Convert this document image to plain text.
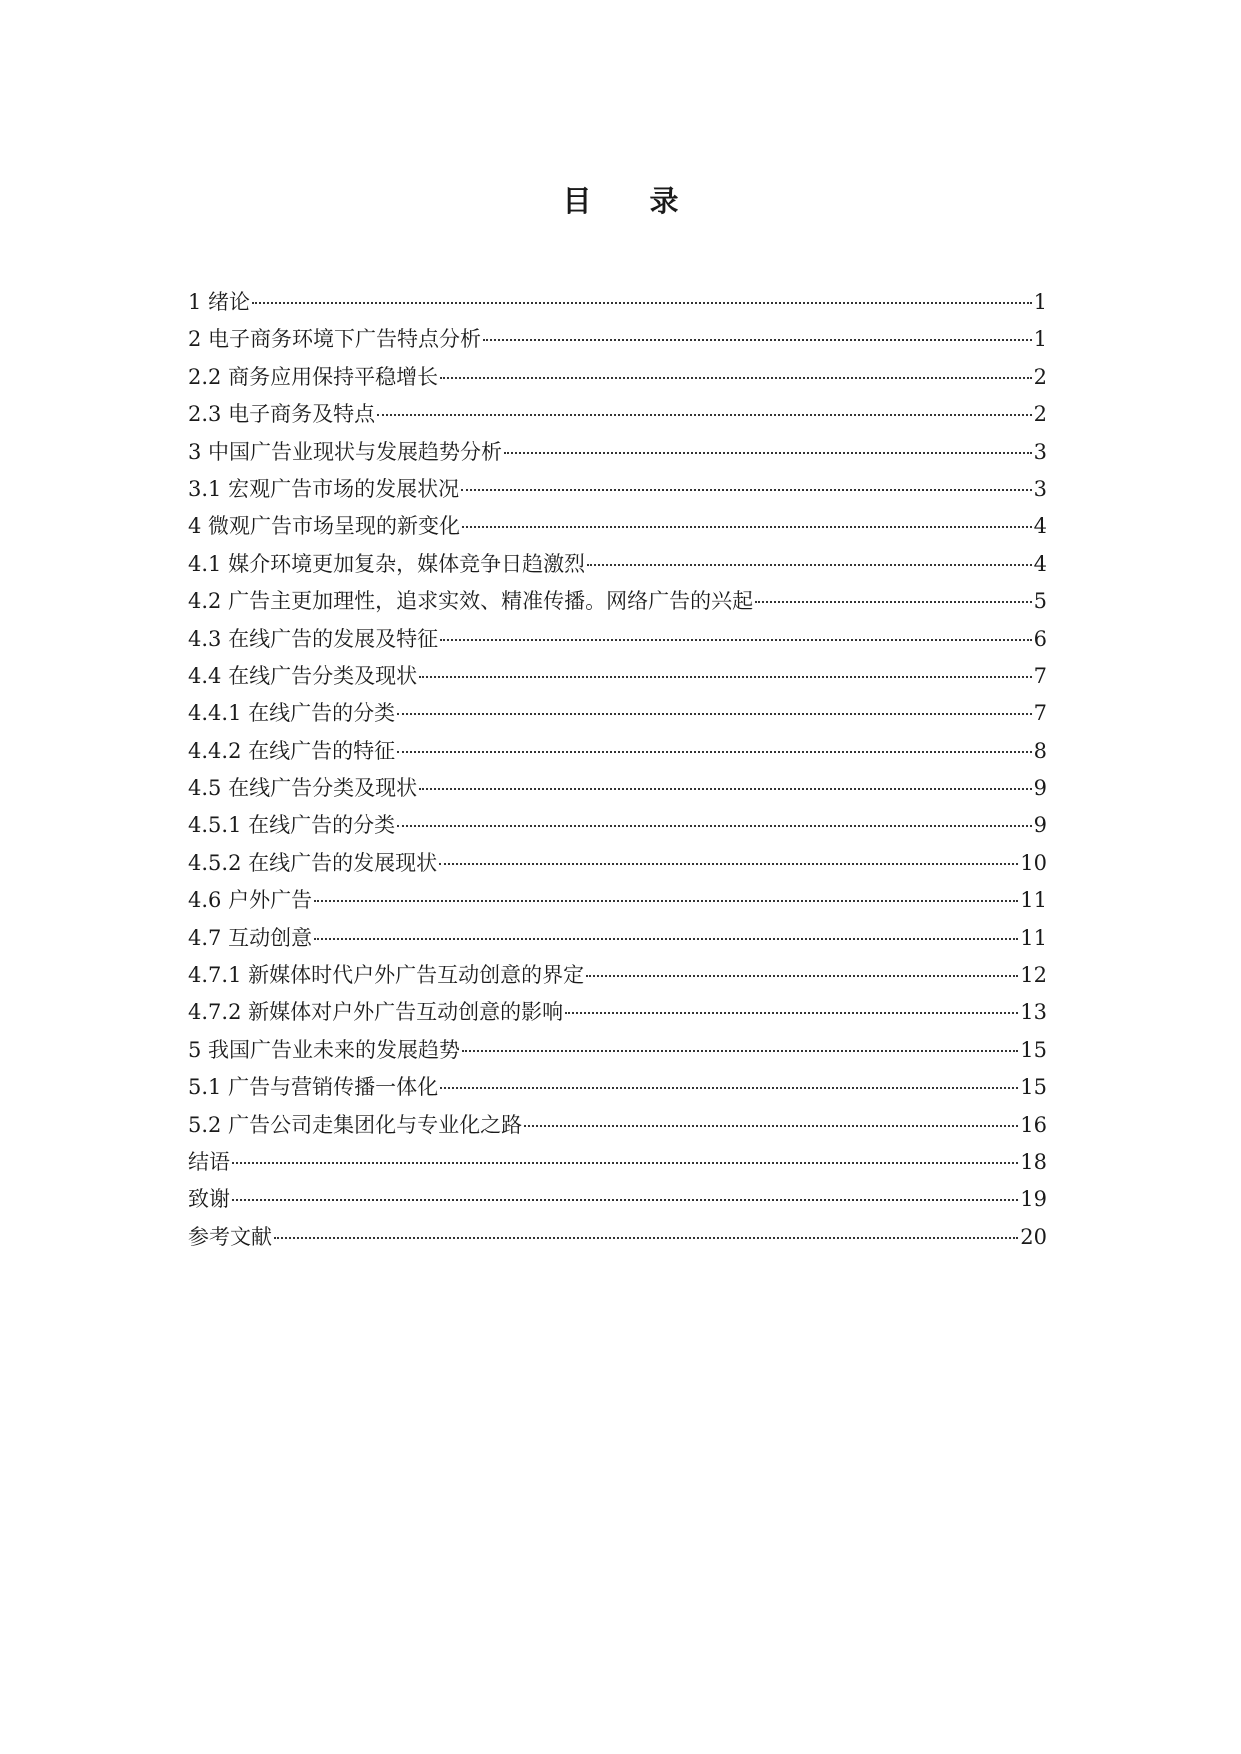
目 录
1 绪论	1
2 电子商务环境下广告特点分析	1
2.2 商务应用保持平稳增长	2
2.3 电子商务及特点	2
3 中国广告业现状与发展趋势分析	3
3.1 宏观广告市场的发展状况	3
4 微观广告市场呈现的新变化	4
4.1 媒介环境更加复杂，媒体竞争日趋激烈	4
4.2 广告主更加理性，追求实效、精准传播。网络广告的兴起	5
4.3 在线广告的发展及特征	6
4.4 在线广告分类及现状	7
4.4.1 在线广告的分类	7
4.4.2 在线广告的特征	8
4.5 在线广告分类及现状	9
4.5.1 在线广告的分类	9
4.5.2 在线广告的发展现状	10
4.6 户外广告	11
4.7 互动创意	11
4.7.1 新媒体时代户外广告互动创意的界定	12
4.7.2 新媒体对户外广告互动创意的影响	13
5 我国广告业未来的发展趋势	15
5.1 广告与营销传播一体化	15
5.2 广告公司走集团化与专业化之路	16
结语	18
致谢	19
参考文献	20
